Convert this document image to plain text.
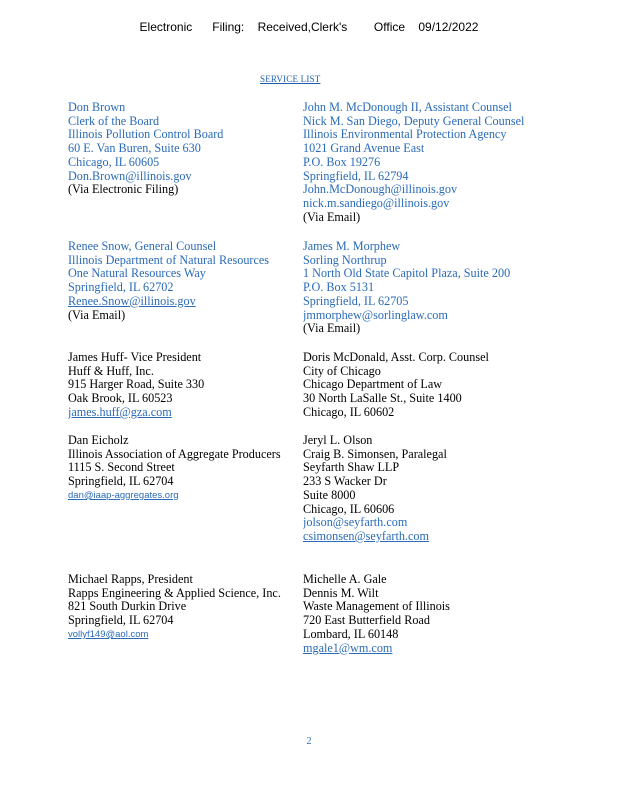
Electronic      Filing:    Received,Clerk's        Office    09/12/2022
SERVICE LIST
Don Brown
Clerk of the Board
Illinois Pollution Control Board
60 E. Van Buren, Suite 630
Chicago, IL 60605
Don.Brown@illinois.gov
(Via Electronic Filing)
John M. McDonough II, Assistant Counsel
Nick M. San Diego, Deputy General Counsel
Illinois Environmental Protection Agency
1021 Grand Avenue East
P.O. Box 19276
Springfield, IL 62794
John.McDonough@illinois.gov
nick.m.sandiego@illinois.gov
(Via Email)
Renee Snow, General Counsel
Illinois Department of Natural Resources
One Natural Resources Way
Springfield, IL 62702
Renee.Snow@illinois.gov
(Via Email)
James M. Morphew
Sorling Northrup
1 North Old State Capitol Plaza, Suite 200
P.O. Box 5131
Springfield, IL 62705
jmmorphew@sorlinglaw.com
(Via Email)
James Huff- Vice President
Huff & Huff, Inc.
915 Harger Road, Suite 330
Oak Brook, IL 60523
james.huff@gza.com
Doris McDonald, Asst. Corp. Counsel
City of Chicago
Chicago Department of Law
30 North LaSalle St., Suite 1400
Chicago, IL 60602
Dan Eicholz
Illinois Association of Aggregate Producers
1115 S. Second Street
Springfield, IL 62704
dan@iaap-aggregates.org
Jeryl L. Olson
Craig B. Simonsen, Paralegal
Seyfarth Shaw LLP
233 S Wacker Dr
Suite 8000
Chicago, IL 60606
jolson@seyfarth.com
csimonsen@seyfarth.com
Michael Rapps, President
Rapps Engineering & Applied Science, Inc.
821 South Durkin Drive
Springfield, IL 62704
vollyf149@aol.com
Michelle A. Gale
Dennis M. Wilt
Waste Management of Illinois
720 East Butterfield Road
Lombard, IL 60148
mgale1@wm.com
2
